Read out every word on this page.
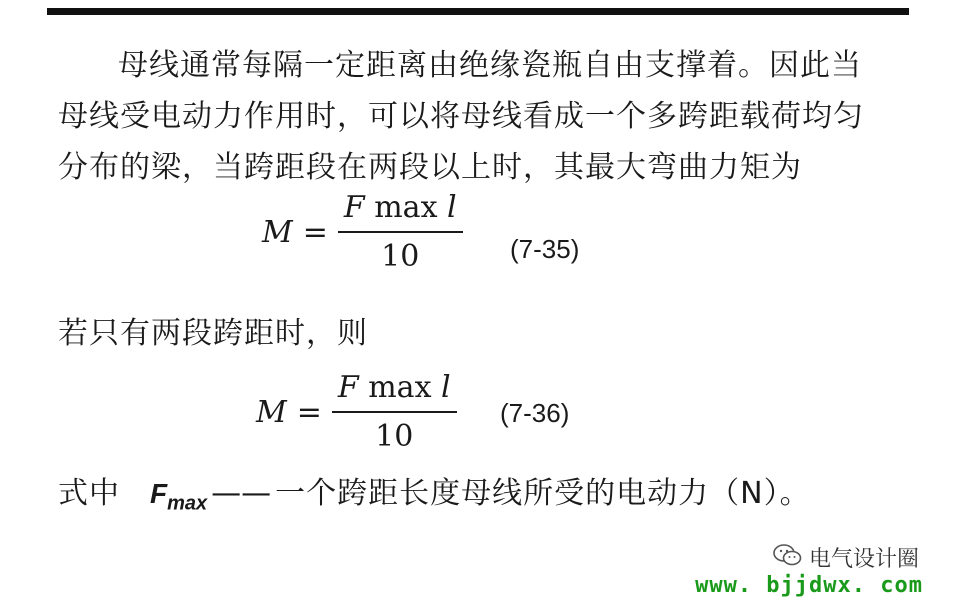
母线通常每隔一定距离由绝缘瓷瓶自由支撑着。因此当
母线受电动力作用时，可以将母线看成一个多跨距载荷均匀
分布的梁，当跨距段在两段以上时，其最大弯曲力矩为
$M = \frac{\text{F max l}}{10} (7-35)$
若只有两段跨距时，则
$M = \frac{\text{F max l}}{10} (7-36)$
式中 $F_{max}$ —— 一个跨距长度母线所受的电动力（N）。
电气设计圈
www. bjjdwx. com
